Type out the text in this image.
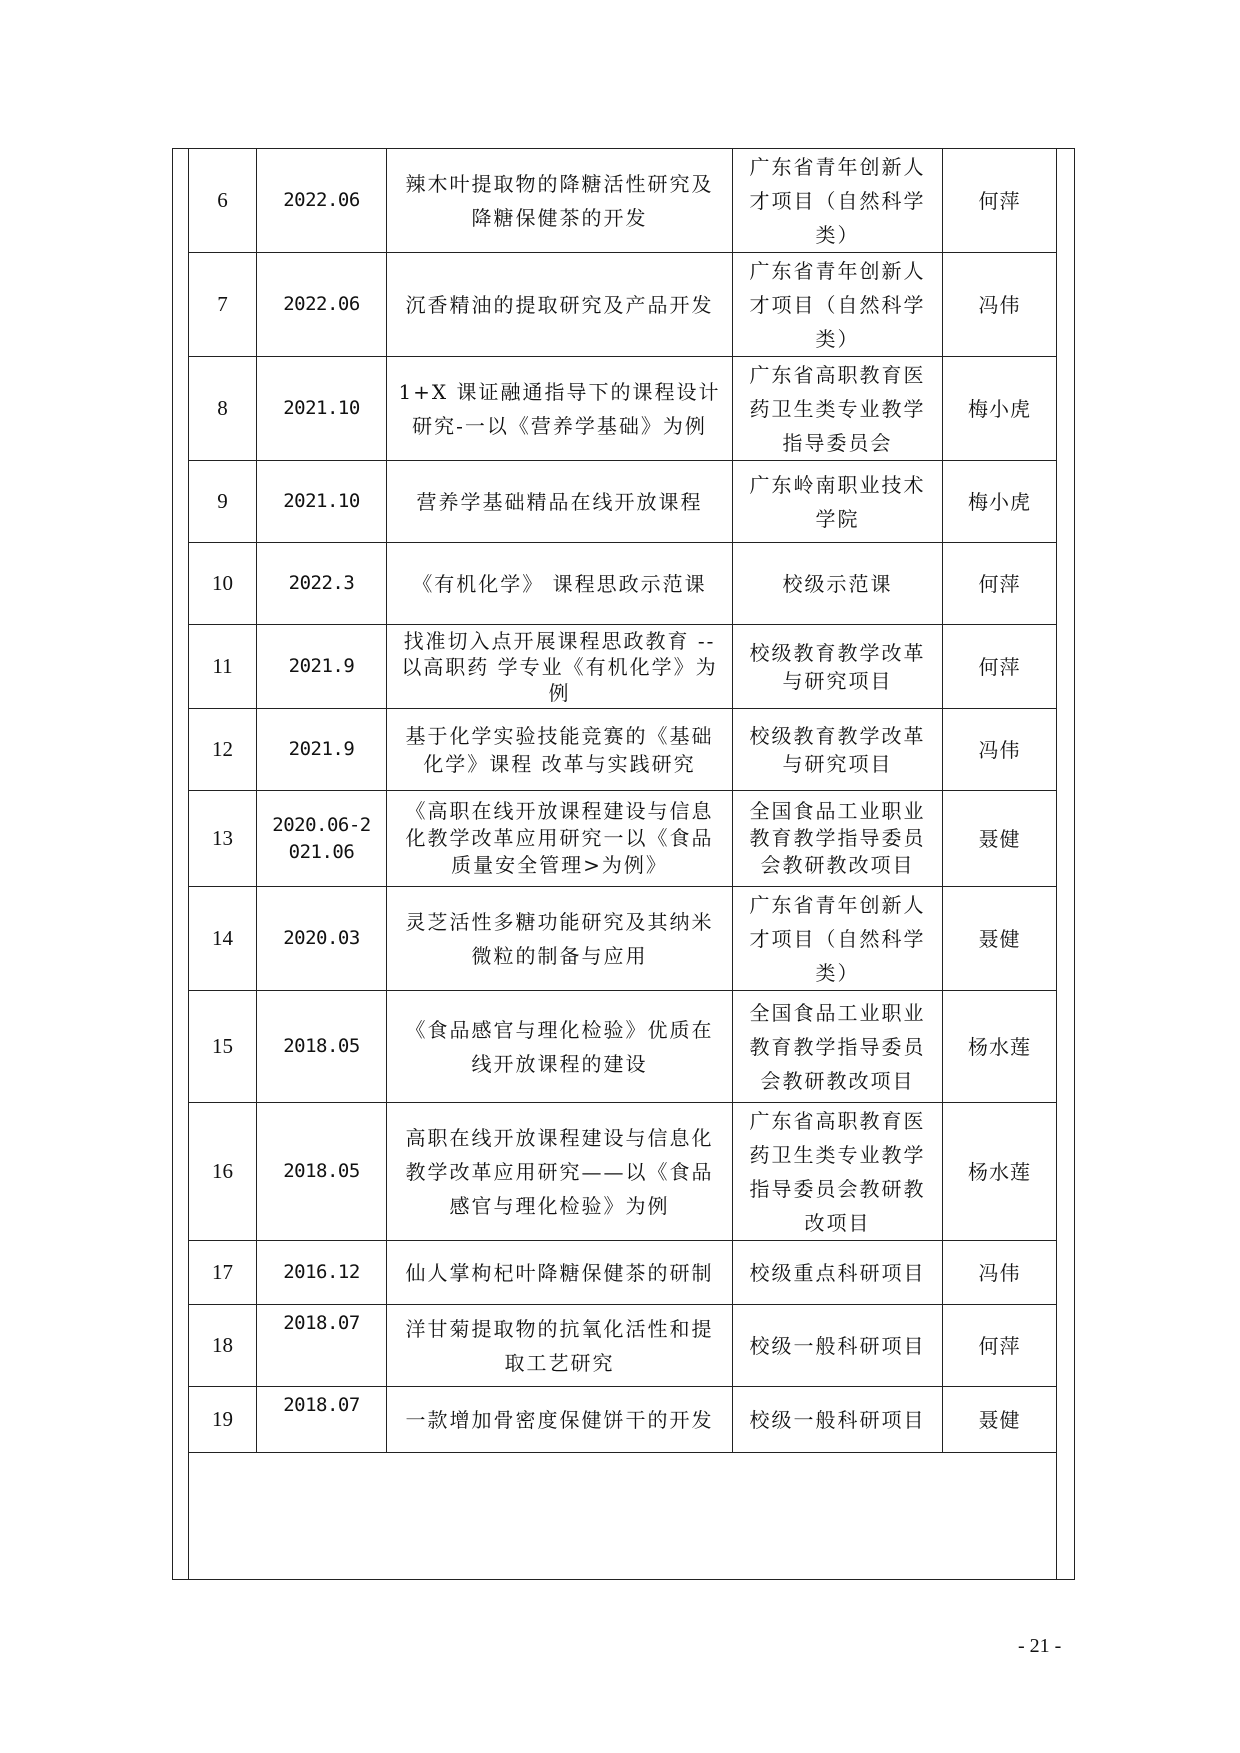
6	2022.06	辣木叶提取物的降糖活性研究及降糖保健茶的开发	广东省青年创新人才项目（自然科学类）	何萍
7	2022.06	沉香精油的提取研究及产品开发	广东省青年创新人才项目（自然科学类）	冯伟
8	2021.10	1+X 课证融通指导下的课程设计研究-一以《营养学基础》为例	广东省高职教育医药卫生类专业教学指导委员会	梅小虎
9	2021.10	营养学基础精品在线开放课程	广东岭南职业技术学院	梅小虎
10	2022.3	《有机化学》 课程思政示范课	校级示范课	何萍
11	2021.9	找准切入点开展课程思政教育 --以高职药 学专业《有机化学》为例	校级教育教学改革与研究项目	何萍
12	2021.9	基于化学实验技能竞赛的《基础化学》课程 改革与实践研究	校级教育教学改革与研究项目	冯伟
13	2020.06-2021.06	《高职在线开放课程建设与信息化教学改革应用研究一以《食品质量安全管理>为例》	全国食品工业职业教育教学指导委员会教研教改项目	聂健
14	2020.03	灵芝活性多糖功能研究及其纳米微粒的制备与应用	广东省青年创新人才项目（自然科学类）	聂健
15	2018.05	《食品感官与理化检验》优质在线开放课程的建设	全国食品工业职业教育教学指导委员会教研教改项目	杨水莲
16	2018.05	高职在线开放课程建设与信息化教学改革应用研究——以《食品感官与理化检验》为例	广东省高职教育医药卫生类专业教学指导委员会教研教改项目	杨水莲
17	2016.12	仙人掌枸杞叶降糖保健茶的研制	校级重点科研项目	冯伟
18	2018.07	洋甘菊提取物的抗氧化活性和提取工艺研究	校级一般科研项目	何萍
19	2018.07	一款增加骨密度保健饼干的开发	校级一般科研项目	聂健
- 21 -
